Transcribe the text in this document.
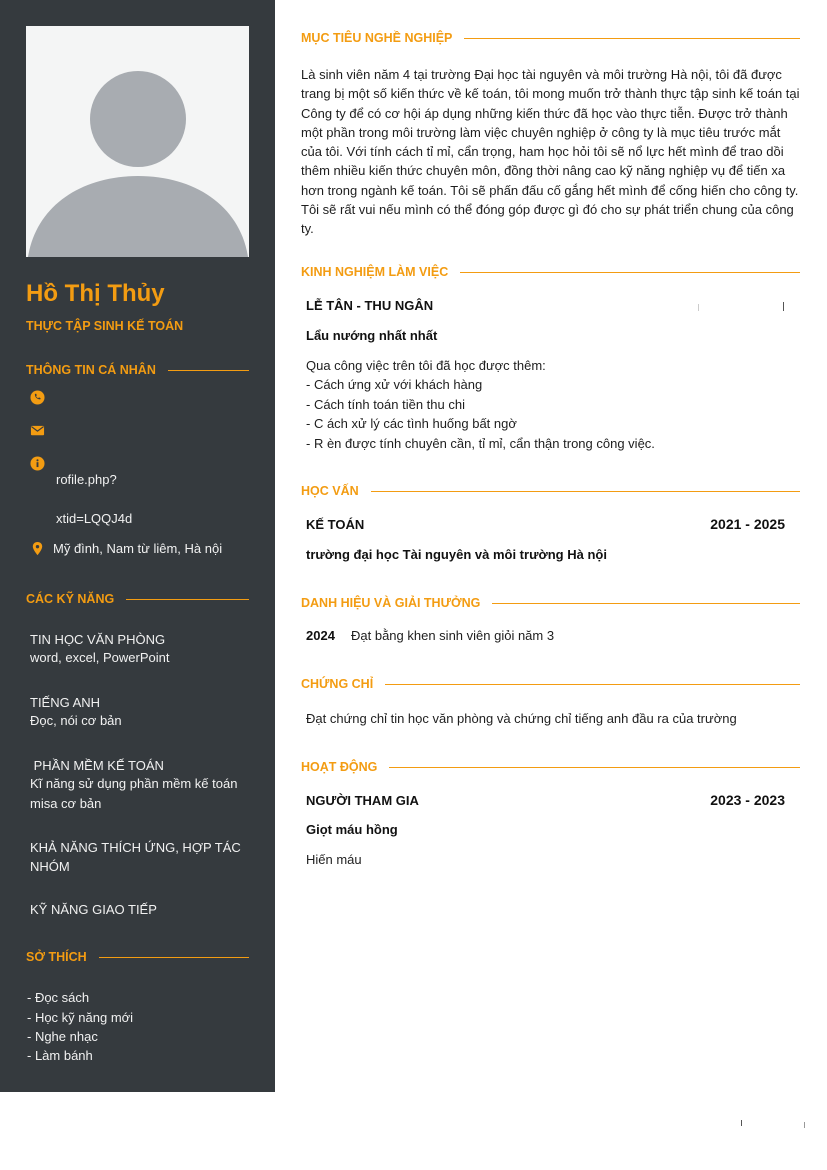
Hồ Thị Thủy
THỰC TẬP SINH KẾ TOÁN
THÔNG TIN CÁ NHÂN
rofile.php?
xtid=LQQJ4d
Mỹ đình, Nam từ liêm, Hà nội
CÁC KỸ NĂNG
TIN HỌC VĂN PHÒNG
word, excel, PowerPoint
TIẾNG ANH
Đọc, nói cơ bản
PHẦN MỀM KẾ TOÁN
Kĩ năng sử dụng phần mềm kế toán misa cơ bản
KHẢ NĂNG THÍCH ỨNG, HỢP TÁC NHÓM
KỸ NĂNG GIAO TIẾP
SỞ THÍCH
- Đọc sách
- Học kỹ năng mới
- Nghe nhạc
- Làm bánh
MỤC TIÊU NGHỀ NGHIỆP
Là sinh viên năm 4 tại trường Đại học tài nguyên và môi trường Hà nội, tôi đã được trang bị một số kiến thức về kế toán, tôi mong muốn trở thành thực tập sinh kế toán tại Công ty để có cơ hội áp dụng những kiến thức đã học vào thực tiễn. Được trở thành một phần trong môi trường làm việc chuyên nghiệp ở công ty là mục tiêu trước mắt của tôi. Với tính cách tỉ mỉ, cẩn trọng, ham học hỏi tôi sẽ nổ lực hết mình để trao dồi thêm nhiều kiến thức chuyên môn, đồng thời nâng cao kỹ năng nghiệp vụ để tiến xa hơn trong ngành kế toán. Tôi sẽ phấn đấu cố gắng hết mình để cống hiến cho công ty. Tôi sẽ rất vui nếu mình có thể đóng góp được gì đó cho sự phát triển chung của công ty.
KINH NGHIỆM LÀM VIỆC
LỄ TÂN - THU NGÂN
Lẩu nướng nhất nhất
Qua công việc trên tôi đã học được thêm:
- Cách ứng xử với khách hàng
- Cách tính toán tiền thu chi
- C ách xử lý các tình huống bất ngờ
- R èn được tính chuyên cần, tỉ mỉ, cẩn thận trong công việc.
HỌC VẤN
KẾ TOÁN	2021 - 2025
trường đại học Tài nguyên và môi trường Hà nội
DANH HIỆU VÀ GIẢI THƯỞNG
2024 Đạt bằng khen sinh viên giỏi năm 3
CHỨNG CHỈ
Đạt chứng chỉ tin học văn phòng và chứng chỉ tiếng anh đầu ra của trường
HOẠT ĐỘNG
NGƯỜI THAM GIA	2023 - 2023
Giọt máu hồng
Hiến máu
